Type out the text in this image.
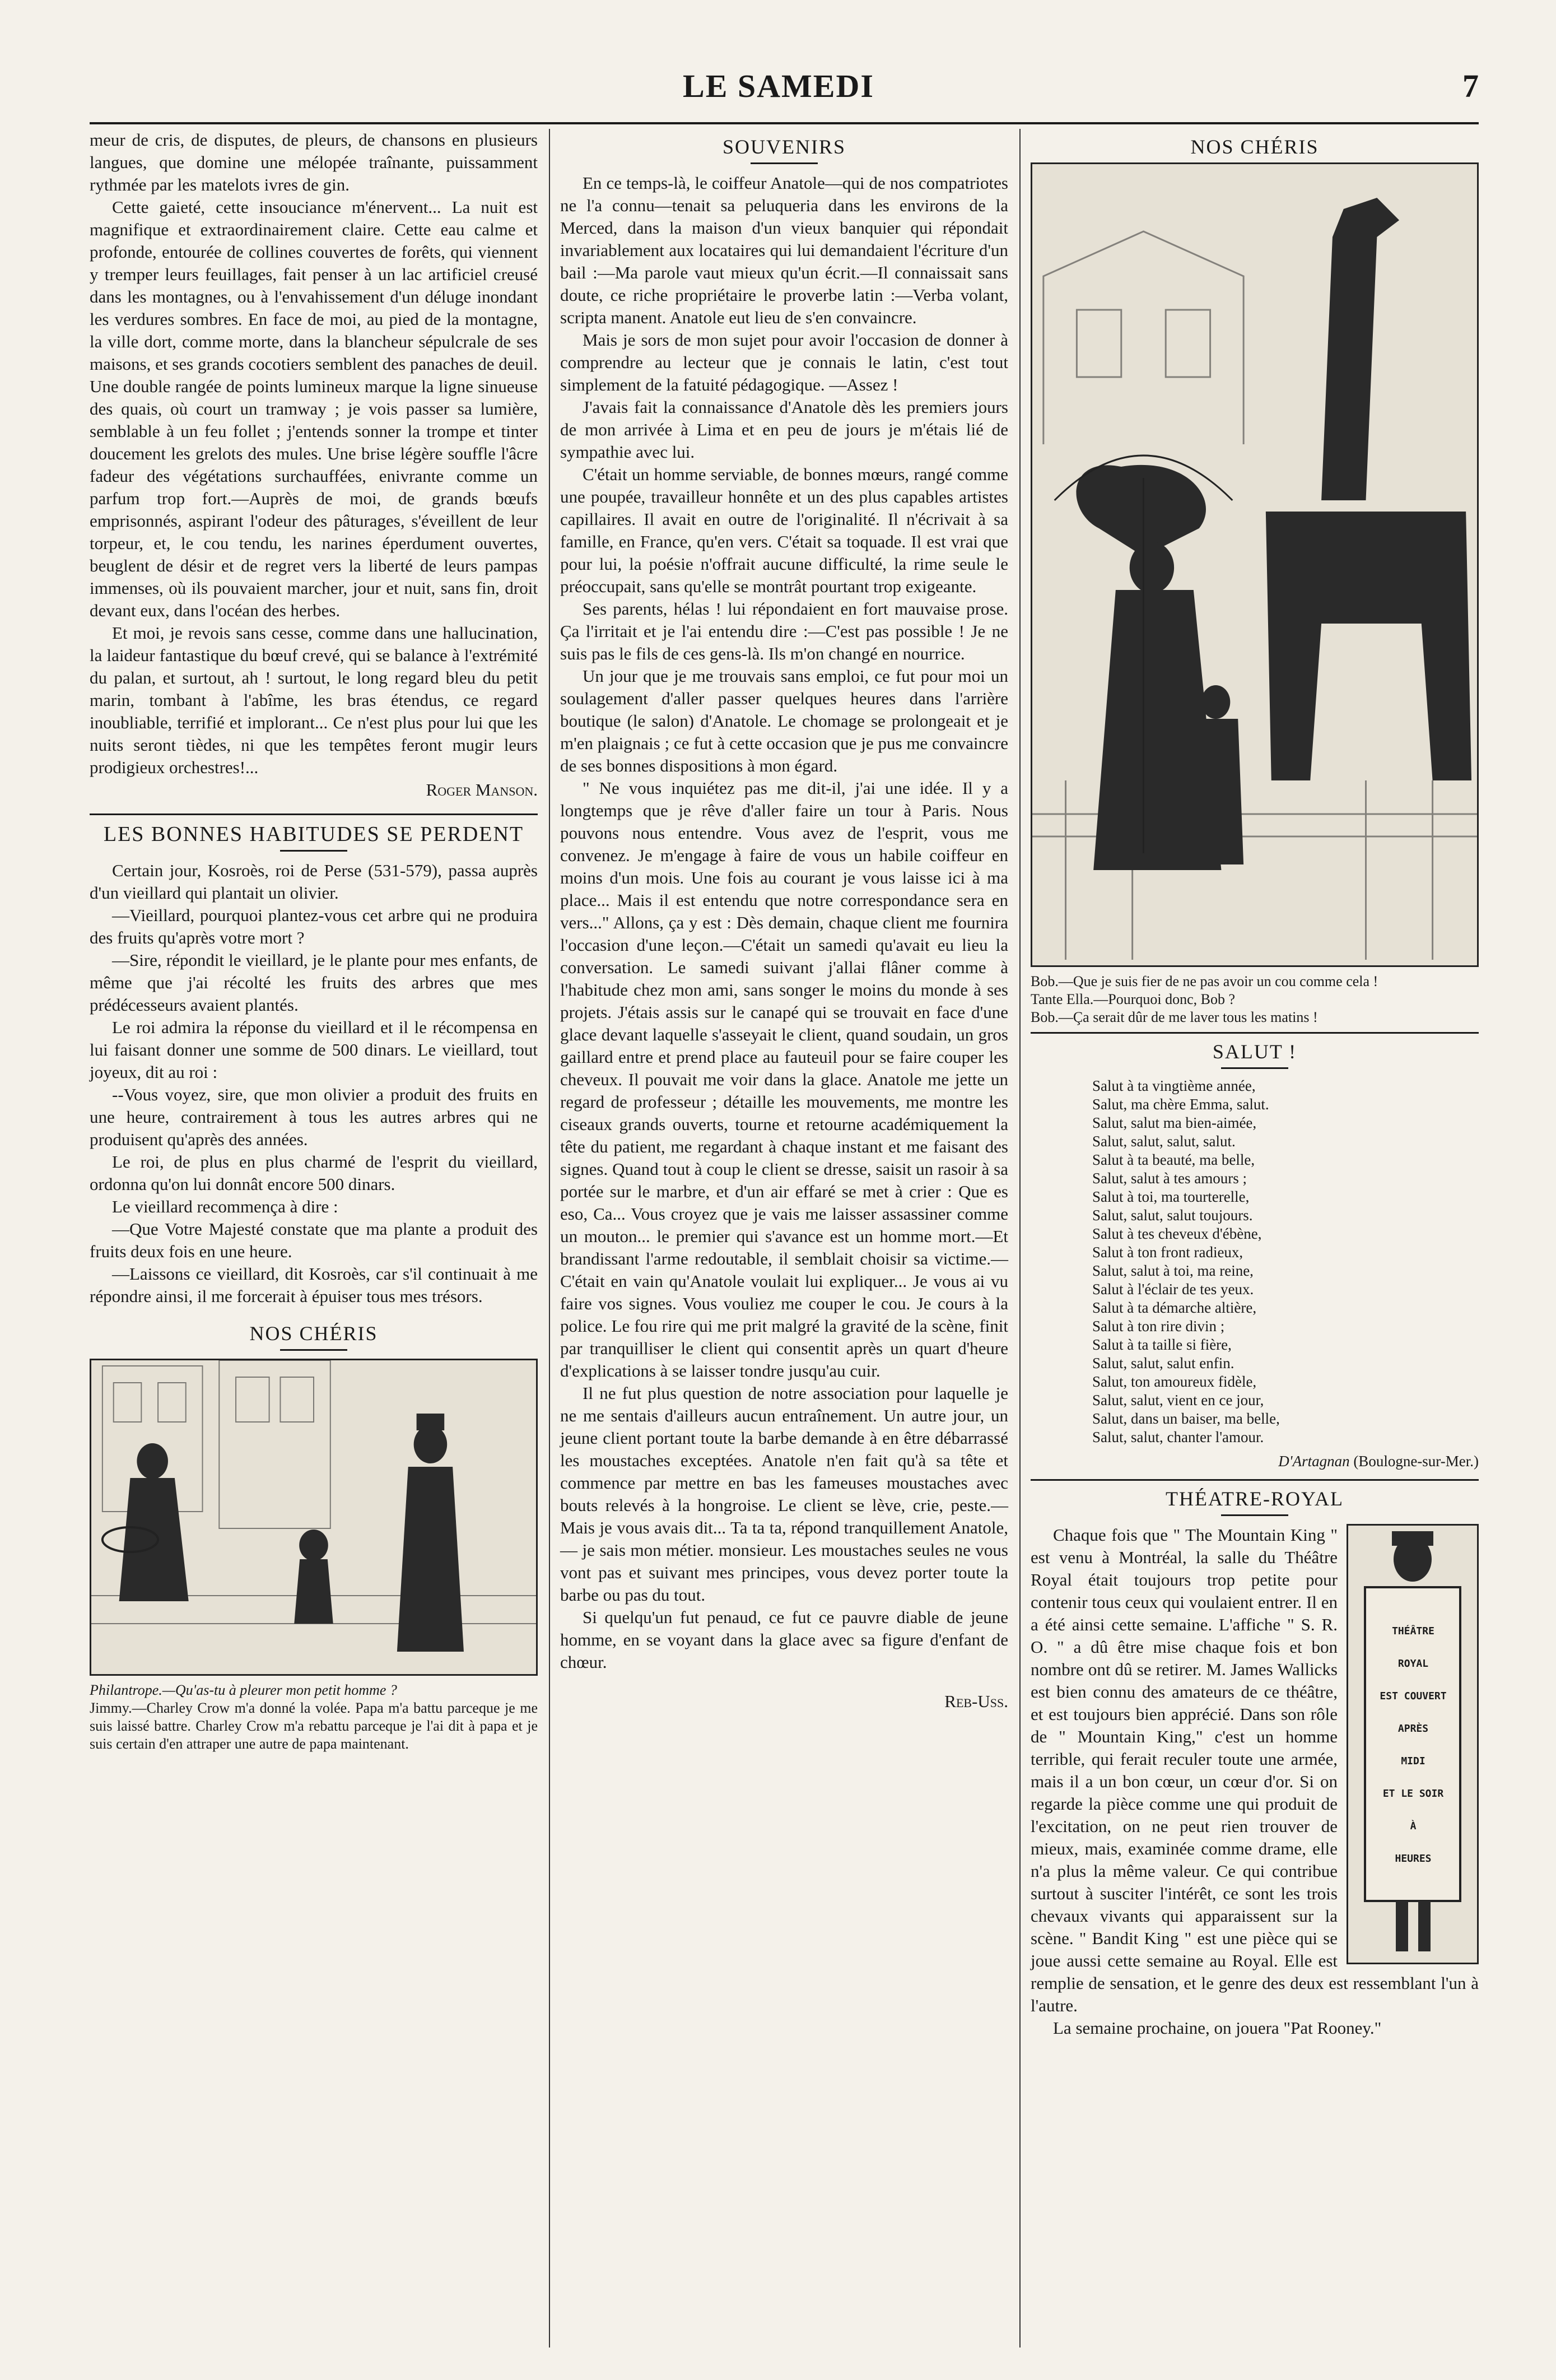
LE SAMEDI	7

meur de cris, de disputes, de pleurs, de chansons en plusieurs langues, que domine une mélopée traînante, puissamment rythmée par les matelots ivres de gin.

Cette gaieté, cette insouciance m'énervent... La nuit est magnifique et extraordinairement claire. Cette eau calme et profonde, entourée de collines couvertes de forêts, qui viennent y tremper leurs feuillages, fait penser à un lac artificiel creusé dans les montagnes, ou à l'envahissement d'un déluge inondant les verdures sombres. En face de moi, au pied de la montagne, la ville dort, comme morte, dans la blancheur sépulcrale de ses maisons, et ses grands cocotiers semblent des panaches de deuil. Une double rangée de points lumineux marque la ligne sinueuse des quais, où court un tramway ; je vois passer sa lumière, semblable à un feu follet ; j'entends sonner la trompe et tinter doucement les grelots des mules. Une brise légère souffle l'âcre fadeur des végétations surchauffées, enivrante comme un parfum trop fort.—Auprès de moi, de grands bœufs emprisonnés, aspirant l'odeur des pâturages, s'éveillent de leur torpeur, et, le cou tendu, les narines éperdument ouvertes, beuglent de désir et de regret vers la liberté de leurs pampas immenses, où ils pouvaient marcher, jour et nuit, sans fin, droit devant eux, dans l'océan des herbes.

Et moi, je revois sans cesse, comme dans une hallucination, la laideur fantastique du bœuf crevé, qui se balance à l'extrémité du palan, et surtout, ah ! surtout, le long regard bleu du petit marin, tombant à l'abîme, les bras étendus, ce regard inoubliable, terrifié et implorant... Ce n'est plus pour lui que les nuits seront tièdes, ni que les tempêtes feront mugir leurs prodigieux orchestres!...

Roger Manson.
LES BONNES HABITUDES SE PERDENT

Certain jour, Kosroès, roi de Perse (531-579), passa auprès d'un vieillard qui plantait un olivier.

—Vieillard, pourquoi plantez-vous cet arbre qui ne produira des fruits qu'après votre mort ?

—Sire, répondit le vieillard, je le plante pour mes enfants, de même que j'ai récolté les fruits des arbres que mes prédécesseurs avaient plantés.

Le roi admira la réponse du vieillard et il le récompensa en lui faisant donner une somme de 500 dinars. Le vieillard, tout joyeux, dit au roi :

--Vous voyez, sire, que mon olivier a produit des fruits en une heure, contrairement à tous les autres arbres qui ne produisent qu'après des années.

Le roi, de plus en plus charmé de l'esprit du vieillard, ordonna qu'on lui donnât encore 500 dinars.

Le vieillard recommença à dire :

—Que Votre Majesté constate que ma plante a produit des fruits deux fois en une heure.

—Laissons ce vieillard, dit Kosroès, car s'il continuait à me répondre ainsi, il me forcerait à épuiser tous mes trésors.

NOS CHÉRIS

Philantrope.—Qu'as-tu à pleurer mon petit homme ?

Jimmy.—Charley Crow m'a donné la volée. Papa m'a battu parceque je me suis laissé battre. Charley Crow m'a rebattu parceque je l'ai dit à papa et je suis certain d'en attraper une autre de papa maintenant.

SOUVENIRS

En ce temps-là, le coiffeur Anatole—qui de nos compatriotes ne l'a connu—tenait sa peluqueria dans les environs de la Merced, dans la maison d'un vieux banquier qui répondait invariablement aux locataires qui lui demandaient l'écriture d'un bail :—Ma parole vaut mieux qu'un écrit.—Il connaissait sans doute, ce riche propriétaire le proverbe latin :—Verba volant, scripta manent. Anatole eut lieu de s'en convaincre.

Mais je sors de mon sujet pour avoir l'occasion de donner à comprendre au lecteur que je connais le latin, c'est tout simplement de la fatuité pédagogique. —Assez !

J'avais fait la connaissance d'Anatole dès les premiers jours de mon arrivée à Lima et en peu de jours je m'étais lié de sympathie avec lui.

C'était un homme serviable, de bonnes mœurs, rangé comme une poupée, travailleur honnête et un des plus capables artistes capillaires. Il avait en outre de l'originalité. Il n'écrivait à sa famille, en France, qu'en vers. C'était sa toquade. Il est vrai que pour lui, la poésie n'offrait aucune difficulté, la rime seule le préoccupait, sans qu'elle se montrât pourtant trop exigeante.

Ses parents, hélas ! lui répondaient en fort mauvaise prose. Ça l'irritait et je l'ai entendu dire :—C'est pas possible ! Je ne suis pas le fils de ces gens-là. Ils m'on changé en nourrice.

Un jour que je me trouvais sans emploi, ce fut pour moi un soulagement d'aller passer quelques heures dans l'arrière boutique (le salon) d'Anatole. Le chomage se prolongeait et je m'en plaignais ; ce fut à cette occasion que je pus me convaincre de ses bonnes dispositions à mon égard.

" Ne vous inquiétez pas me dit-il, j'ai une idée. Il y a longtemps que je rêve d'aller faire un tour à Paris. Nous pouvons nous entendre. Vous avez de l'esprit, vous me convenez. Je m'engage à faire de vous un habile coiffeur en moins d'un mois. Une fois au courant je vous laisse ici à ma place... Mais il est entendu que notre correspondance sera en vers..." Allons, ça y est : Dès demain, chaque client me fournira l'occasion d'une leçon.—C'était un samedi qu'avait eu lieu la conversation. Le samedi suivant j'allai flâner comme à l'habitude chez mon ami, sans songer le moins du monde à ses projets. J'étais assis sur le canapé qui se trouvait en face d'une glace devant laquelle s'asseyait le client, quand soudain, un gros gaillard entre et prend place au fauteuil pour se faire couper les cheveux. Il pouvait me voir dans la glace. Anatole me jette un regard de professeur ; détaille les mouvements, me montre les ciseaux grands ouverts, tourne et retourne académiquement la tête du patient, me regardant à chaque instant et me faisant des signes. Quand tout à coup le client se dresse, saisit un rasoir à sa portée sur le marbre, et d'un air effaré se met à crier : Que es eso, Ca... Vous croyez que je vais me laisser assassiner comme un mouton... le premier qui s'avance est un homme mort.—Et brandissant l'arme redoutable, il semblait choisir sa victime.—C'était en vain qu'Anatole voulait lui expliquer... Je vous ai vu faire vos signes. Vous vouliez me couper le cou. Je cours à la police. Le fou rire qui me prit malgré la gravité de la scène, finit par tranquilliser le client qui consentit après un quart d'heure d'explications à se laisser tondre jusqu'au cuir.

Il ne fut plus question de notre association pour laquelle je ne me sentais d'ailleurs aucun entraînement. Un autre jour, un jeune client portant toute la barbe demande à en être débarrassé les moustaches exceptées. Anatole n'en fait qu'à sa tête et commence par mettre en bas les fameuses moustaches avec bouts relevés à la hongroise. Le client se lève, crie, peste.—Mais je vous avais dit... Ta ta ta, répond tranquillement Anatole, — je sais mon métier. monsieur. Les moustaches seules ne vous vont pas et suivant mes principes, vous devez porter toute la barbe ou pas du tout.

Si quelqu'un fut penaud, ce fut ce pauvre diable de jeune homme, en se voyant dans la glace avec sa figure d'enfant de chœur.

Reb-Uss.
NOS CHÉRIS

Bob.—Que je suis fier de ne pas avoir un cou comme cela !

Tante Ella.—Pourquoi donc, Bob ?

Bob.—Ça serait dûr de me laver tous les matins !

SALUT !
Salut à ta vingtième année,
Salut, ma chère Emma, salut.
Salut, salut ma bien-aimée,
Salut, salut, salut, salut.
Salut à ta beauté, ma belle,
Salut, salut à tes amours ;
Salut à toi, ma tourterelle,
Salut, salut, salut toujours.
Salut à tes cheveux d'ébène,
Salut à ton front radieux,
Salut, salut à toi, ma reine,
Salut à l'éclair de tes yeux.
Salut à ta démarche altière,
Salut à ton rire divin ;
Salut à ta taille si fière,
Salut, salut, salut enfin.
Salut, ton amoureux fidèle,
Salut, salut, vient en ce jour,
Salut, dans un baiser, ma belle,
Salut, salut, chanter l'amour.
D'Artagnan (Boulogne-sur-Mer.)
THÉATRE-ROYAL
THÉÂTRE
ROYAL
EST COUVERT
APRÈS
MIDI
ET LE SOIR
À
HEURES

Chaque fois que " The Mountain King " est venu à Montréal, la salle du Théâtre Royal était toujours trop petite pour contenir tous ceux qui voulaient entrer. Il en a été ainsi cette semaine. L'affiche " S. R. O. " a dû être mise chaque fois et bon nombre ont dû se retirer. M. James Wallicks est bien connu des amateurs de ce théâtre, et est toujours bien apprécié. Dans son rôle de " Mountain King," c'est un homme terrible, qui ferait reculer toute une armée, mais il a un bon cœur, un cœur d'or. Si on regarde la pièce comme une qui produit de l'excitation, on ne peut rien trouver de mieux, mais, examinée comme drame, elle n'a plus la même valeur. Ce qui contribue surtout à susciter l'intérêt, ce sont les trois chevaux vivants qui apparaissent sur la scène. " Bandit King " est une pièce qui se joue aussi cette semaine au Royal. Elle est remplie de sensation, et le genre des deux est ressemblant l'un à l'autre.

La semaine prochaine, on jouera "Pat Rooney."
